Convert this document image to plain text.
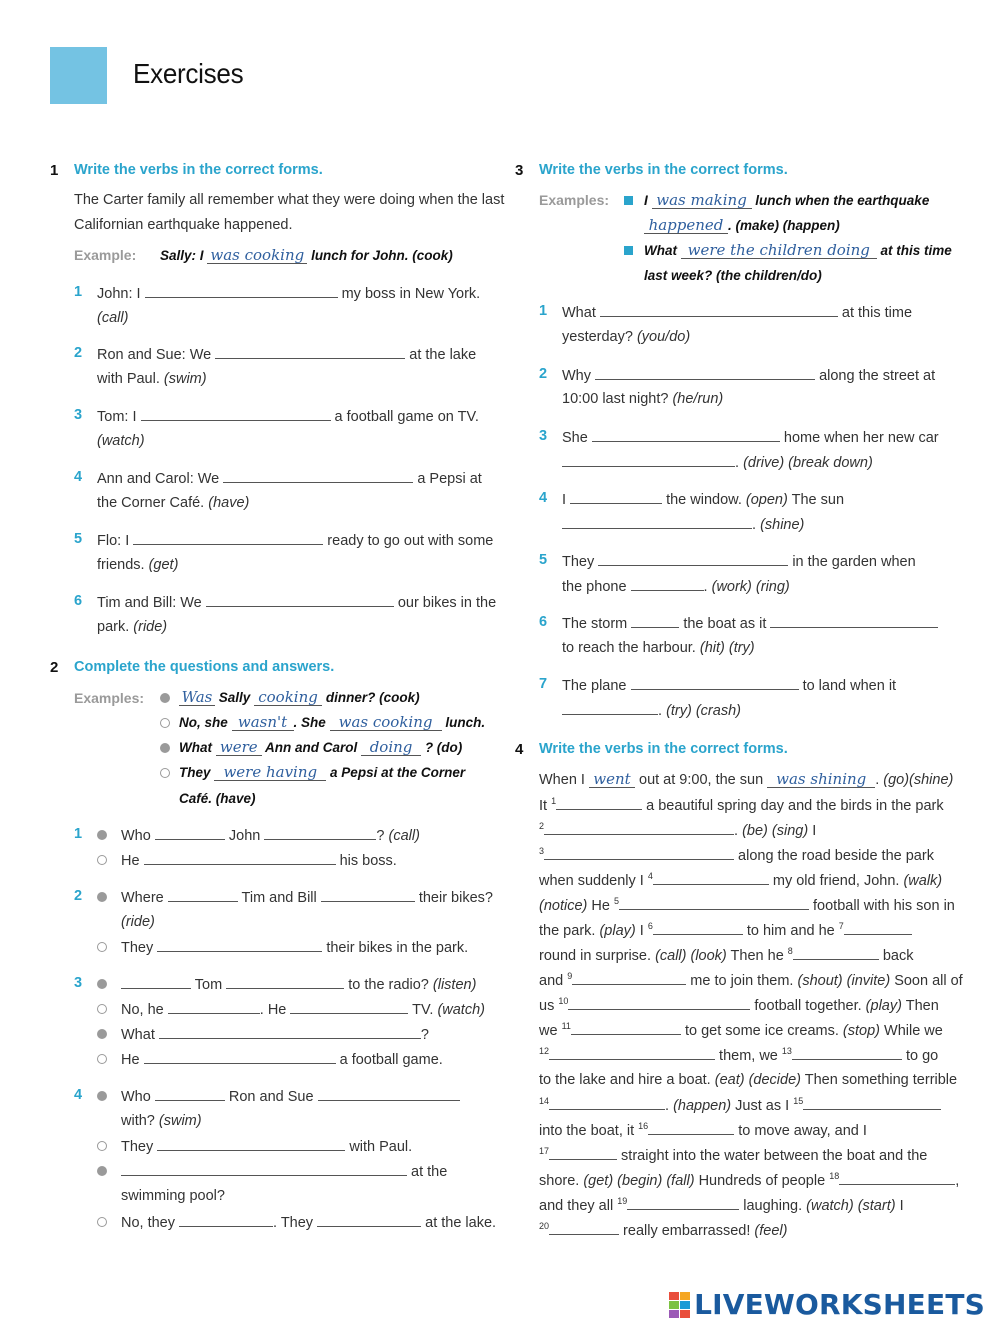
Exercises
1 Write the verbs in the correct forms.
The Carter family all remember what they were doing when the last
Californian earthquake happened.
Example: Sally: I was cooking lunch for John. (cook)
1 John: I	my boss in New York.
(call)
2 Ron and Sue: We	at the lake
with Paul. (swim)
3 Tom: I	a football game on TV.
(watch)
4 Ann and Carol: We	a Pepsi at
the Corner Café. (have)
5 Flo: I	ready to go out with some
friends. (get)
6 Tim and Bill: We	our bikes in the
park. (ride)
2 Complete the questions and answers.
Examples:	Was Sally cooking dinner? (cook)
No, she wasn't . She was cooking lunch.
What were Ann and Carol doing ? (do)
They were having a Pepsi at the Corner
Café. (have)
1	Who	John	? (call)
He	his boss.
2	Where	Tim and Bill	their bikes?
(ride)
They	their bikes in the park.
3	Tom	to the radio? (listen)
No, he	. He	TV. (watch)
What	?
He	a football game.
4	Who	Ron and Sue
with? (swim)
They	with Paul.
at the
swimming pool?
No, they	. They	at the lake.
3 Write the verbs in the correct forms.
Examples:	I was making lunch when the earthquake
happened . (make) (happen)
What were the children doing at this time
last week? (the children/do)
1 What	at this time
yesterday? (you/do)
2 Why	along the street at
10:00 last night? (he/run)
3 She	home when her new car
. (drive) (break down)
4 I	the window. (open) The sun
. (shine)
5 They	in the garden when
the phone	. (work) (ring)
6 The storm	the boat as it
to reach the harbour. (hit) (try)
7 The plane	to land when it
. (try) (crash)
4 Write the verbs in the correct forms.
When I went out at 9:00, the sun was shining . (go)(shine)
It $^1$	a beautiful spring day and the birds in the park
$^2$	. (be) (sing) I
$^3$	along the road beside the park
when suddenly I $^4$	my old friend, John. (walk)
(notice) He $^5$	football with his son in
the park. (play) I $^6$	to him and he $^7$
round in surprise. (call) (look) Then he $^8$	back
and $^9$	me to join them. (shout) (invite) Soon all of
us $^{10}$	football together. (play) Then
we $^{11}$	to get some ice creams. (stop) While we
$^{12}$	them, we $^{13}$	to go
to the lake and hire a boat. (eat) (decide) Then something terrible
$^{14}$	. (happen) Just as I $^{15}$
into the boat, it $^{16}$	to move away, and I
$^{17}$	straight into the water between the boat and the
shore. (get) (begin) (fall) Hundreds of people $^{18}$	,
and they all $^{19}$	laughing. (watch) (start) I
$^{20}$	really embarrassed! (feel)
LIVEWORKSHEETS
